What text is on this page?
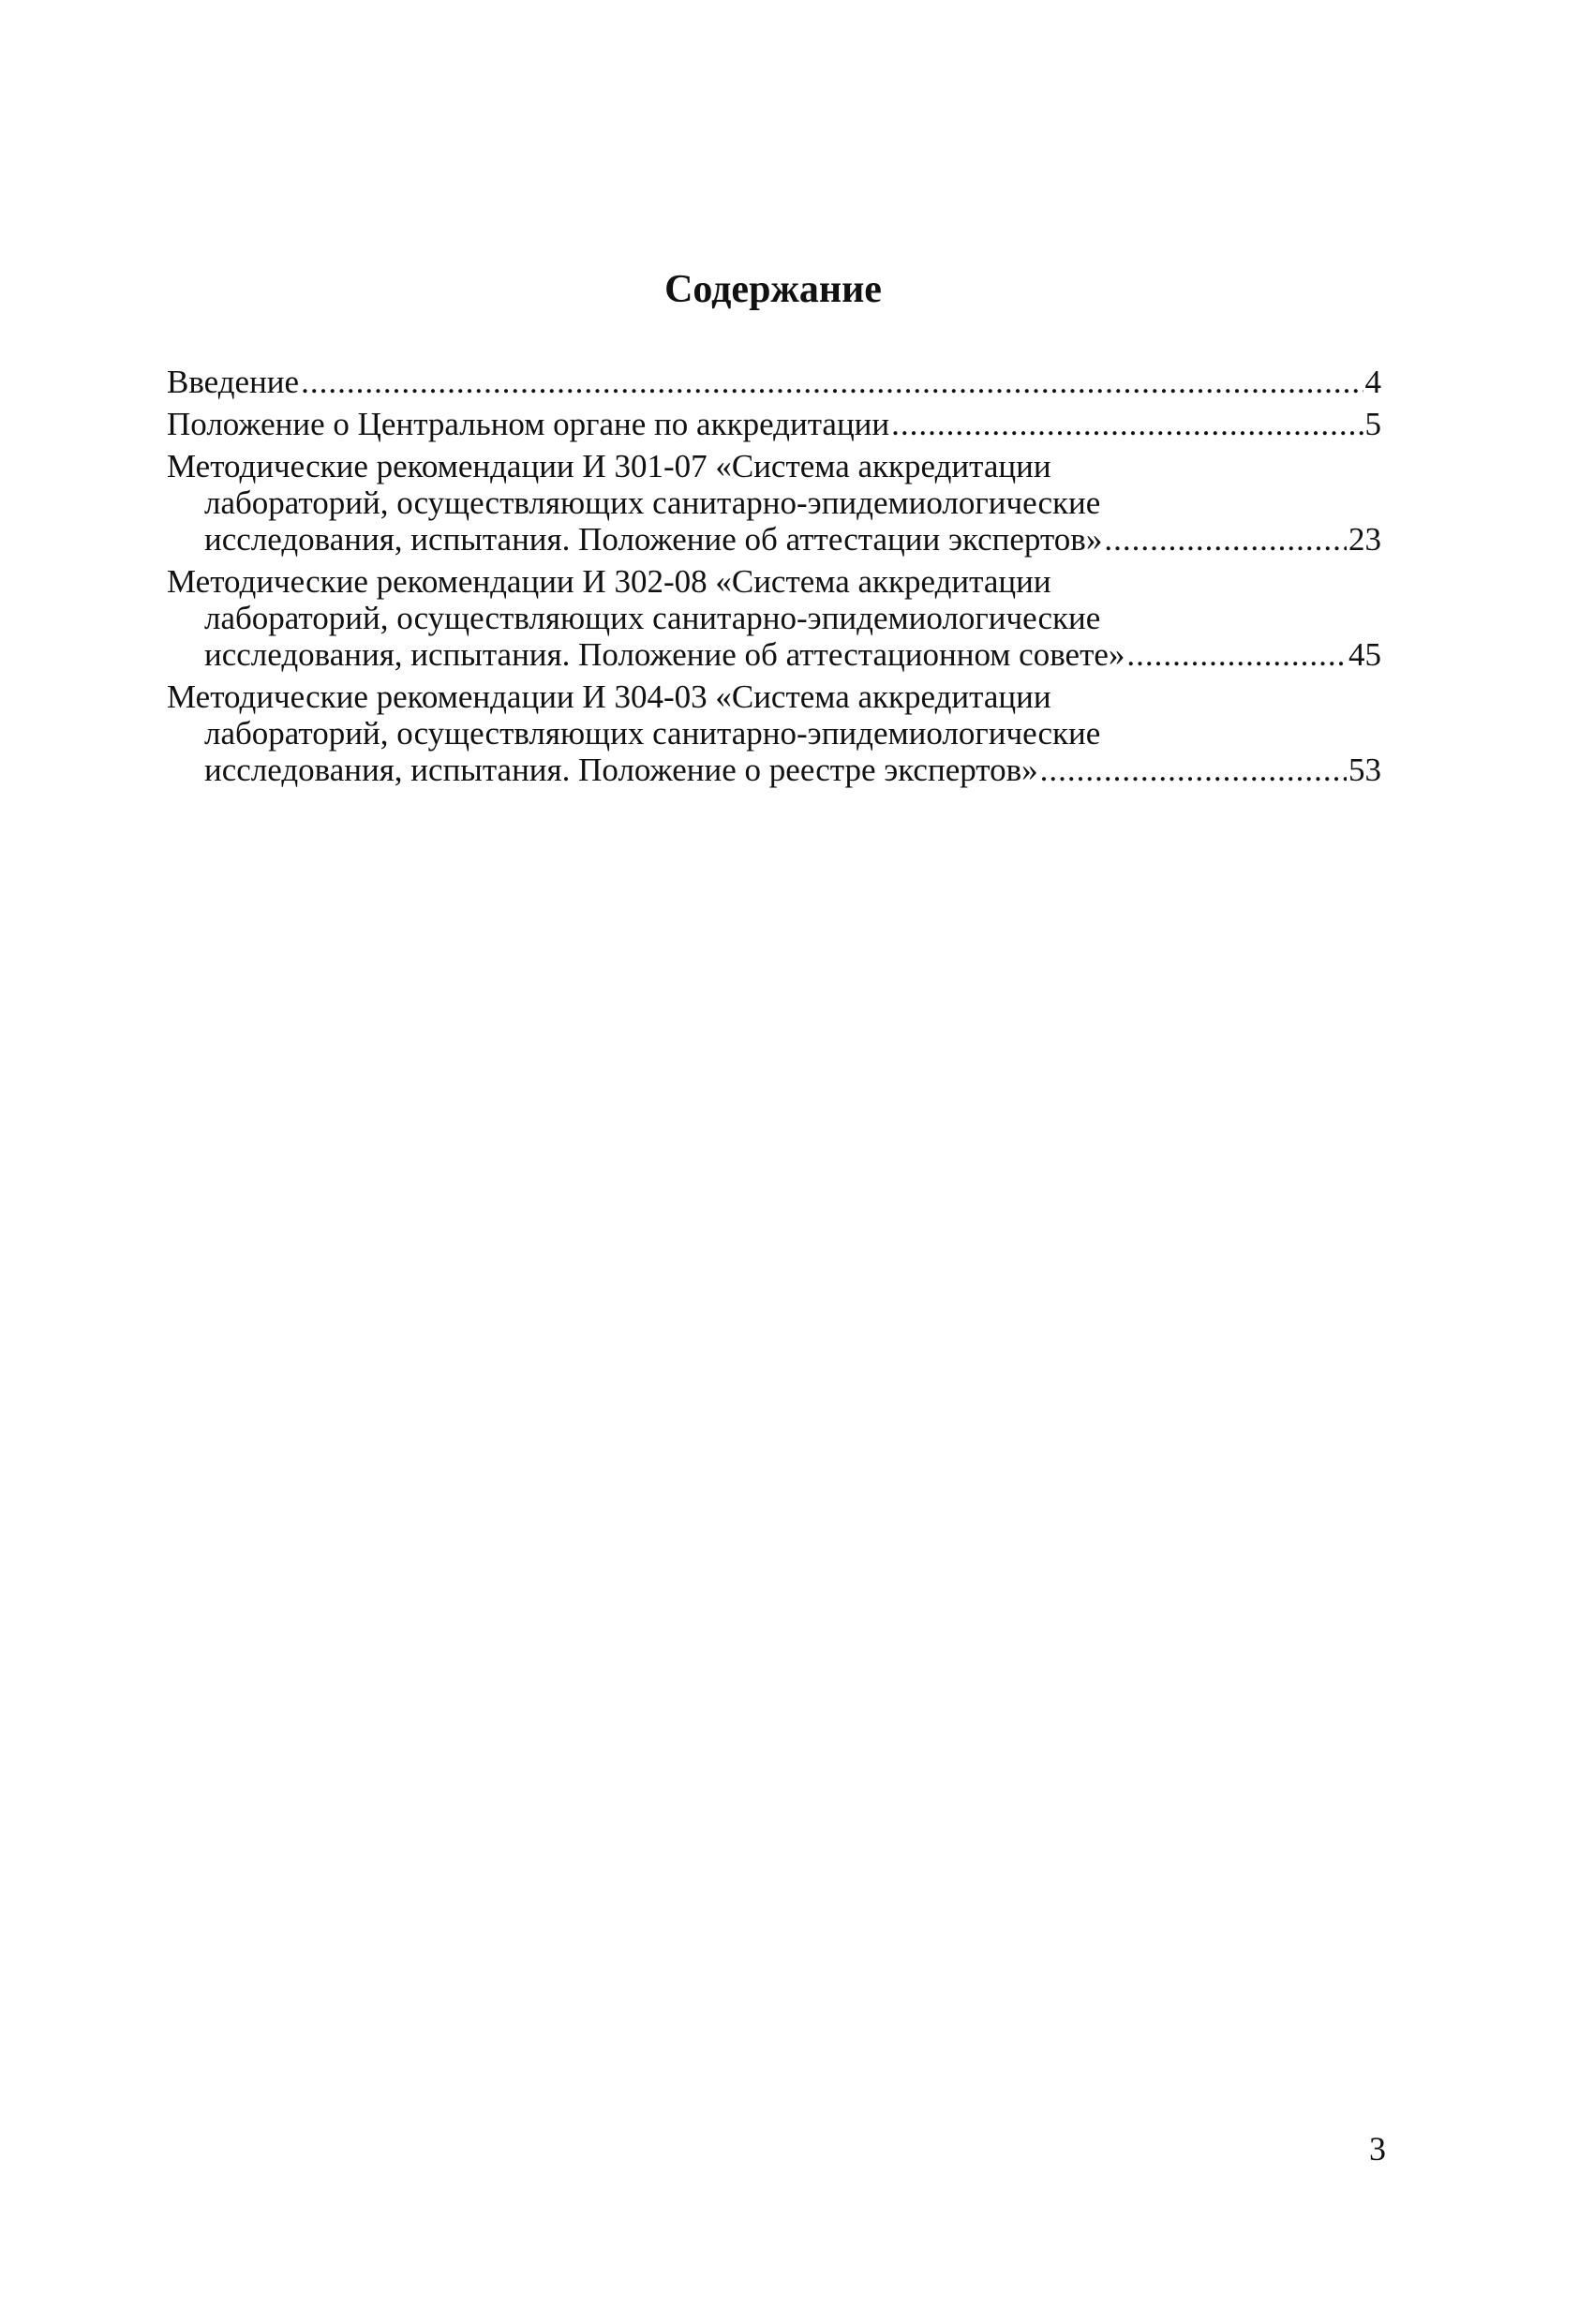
Содержание
Введение .....	4
Положение о Центральном органе по аккредитации .....	5
Методические рекомендации И 301-07 «Система аккредитации
лабораторий, осуществляющих санитарно-эпидемиологические
исследования, испытания. Положение об аттестации экспертов» .....	23
Методические рекомендации И 302-08 «Система аккредитации
лабораторий, осуществляющих санитарно-эпидемиологические
исследования, испытания. Положение об аттестационном совете» .....	45
Методические рекомендации И 304-03 «Система аккредитации
лабораторий, осуществляющих санитарно-эпидемиологические
исследования, испытания. Положение о реестре экспертов» .....	53

3
